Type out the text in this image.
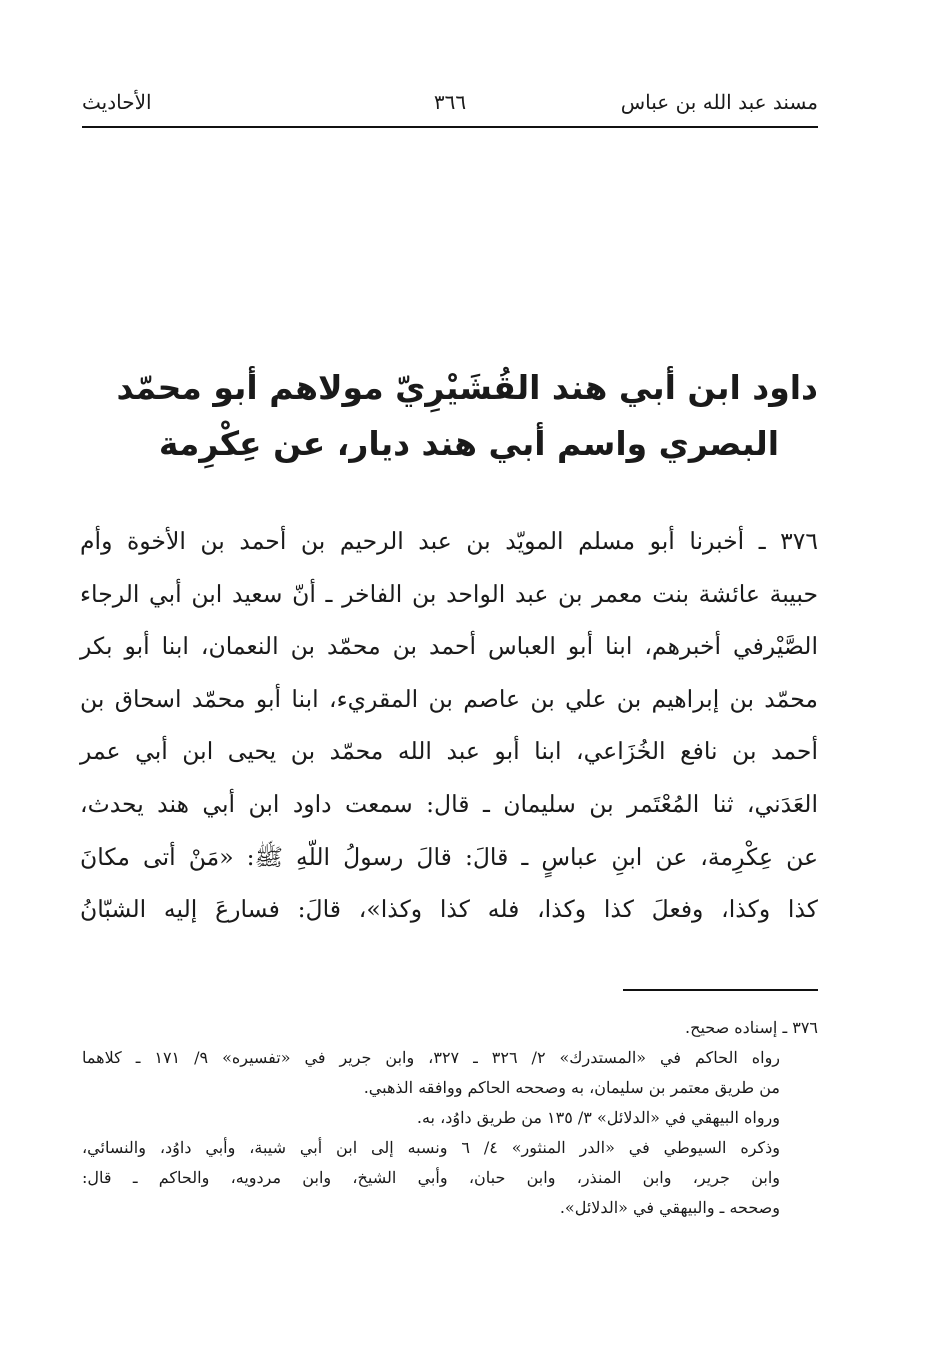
مسند عبد الله بن عباس
٣٦٦
الأحاديث
داود ابن أبي هند القُشَيْرِيّ مولاهم أبو محمّد
البصري واسم أبي هند ديار، عن عِكْرِمة
٣٧٦ ـ أخبرنا أبو مسلم المويّد بن عبد الرحيم بن أحمد بن الأخوة وأم
حبيبة عائشة بنت معمر بن عبد الواحد بن الفاخر ـ أنّ سعيد ابن أبي الرجاء
الصَّيْرفي أخبرهم، ابنا أبو العباس أحمد بن محمّد بن النعمان، ابنا أبو بكر
محمّد بن إبراهيم بن علي بن عاصم بن المقريء، ابنا أبو محمّد اسحاق بن
أحمد بن نافع الخُزَاعي، ابنا أبو عبد الله محمّد بن يحيى ابن أبي عمر
العَدَني، ثنا المُعْتَمر بن سليمان ـ قال: سمعت داود ابن أبي هند يحدث،
عن عِكْرِمة، عن ابنِ عباسٍ ـ قالَ: قالَ رسولُ اللّهِ ﷺ: «مَنْ أتى مكانَ
كذا وكذا، وفعلَ كذا وكذا، فله كذا وكذا»، قالَ: فسارعَ إليه الشبّانُ
٣٧٦ ـ إسناده صحيح.
رواه الحاكم في «المستدرك» ٢/ ٣٢٦ ـ ٣٢٧، وابن جرير في «تفسيره» ٩/ ١٧١ ـ كلاهما
من طريق معتمر بن سليمان، به وصححه الحاكم ووافقه الذهبي.
ورواه البيهقي في «الدلائل» ٣/ ١٣٥ من طريق داوُد، به.
وذكره السيوطي في «الدر المنثور» ٤/ ٦ ونسبه إلى ابن أبي شيبة، وأبي داوُد، والنسائي،
وابن جرير، وابن المنذر، وابن حبان، وأبي الشيخ، وابن مردويه، والحاكم ـ قال:
وصححه ـ والبيهقي في «الدلائل».
